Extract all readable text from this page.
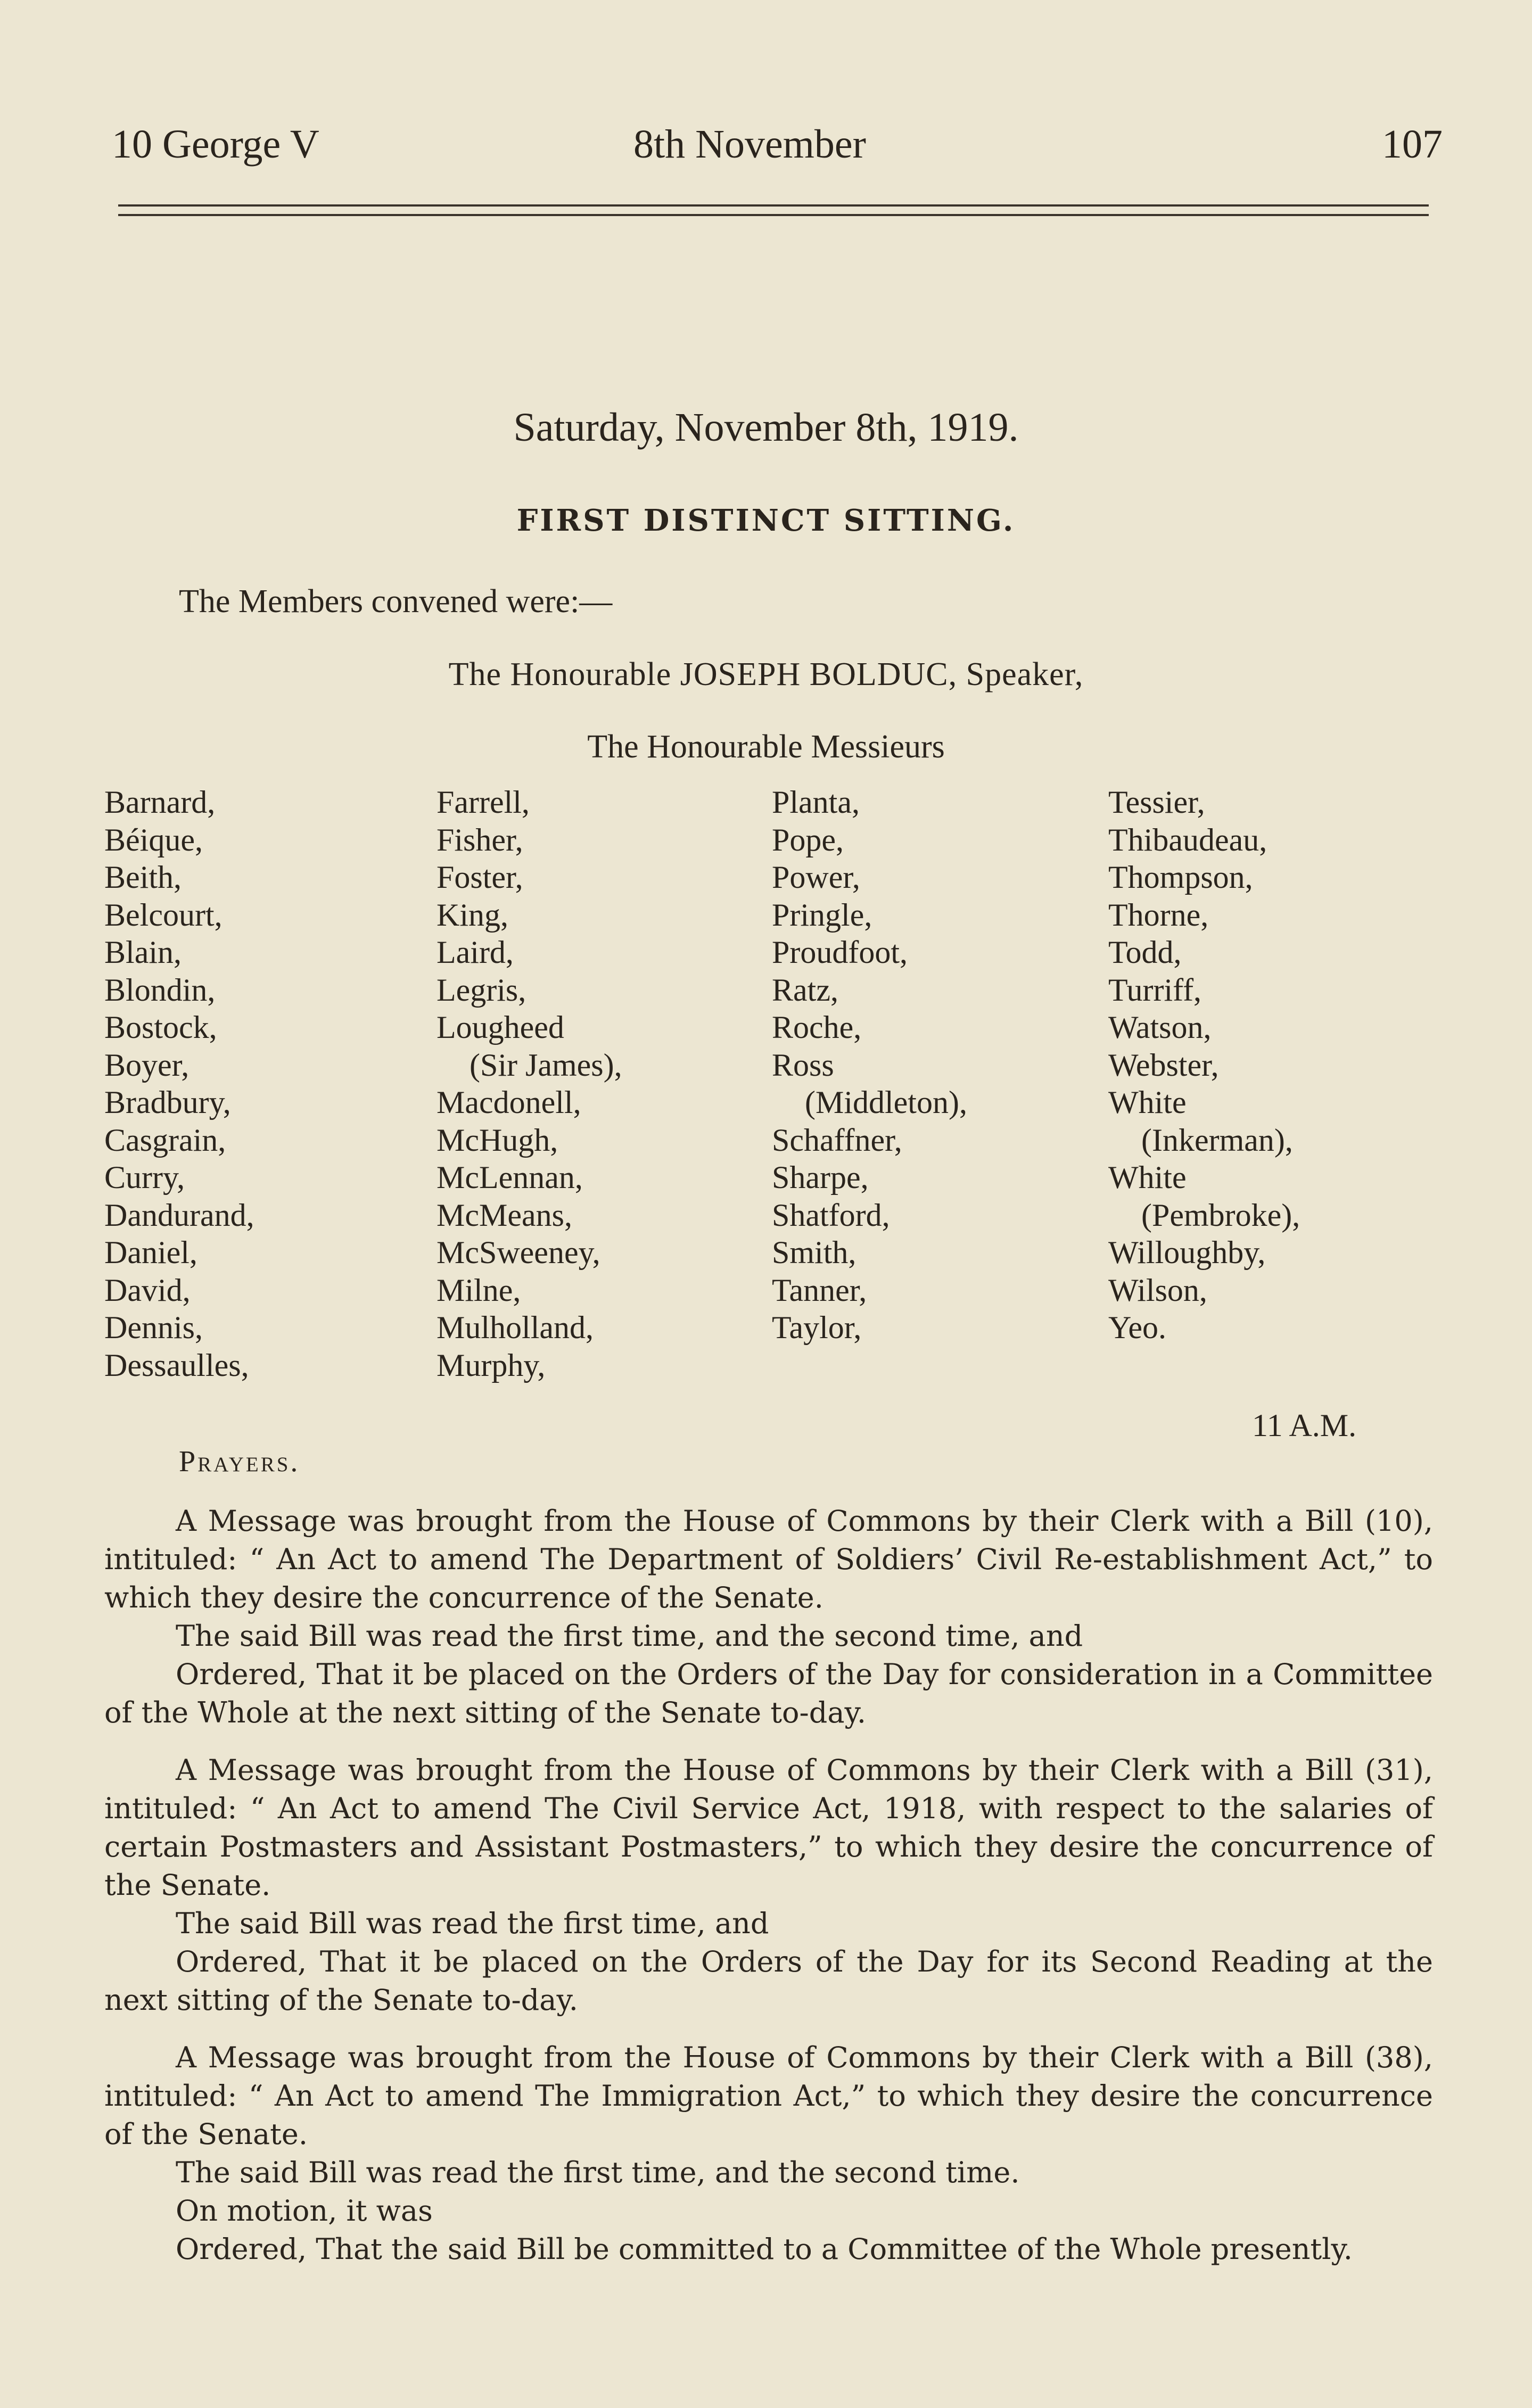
10 George V	8th November	107
Saturday, November 8th, 1919.
FIRST DISTINCT SITTING.
The Members convened were:—
The Honourable JOSEPH BOLDUC, Speaker,
The Honourable Messieurs
Barnard,
Béique,
Beith,
Belcourt,
Blain,
Blondin,
Bostock,
Boyer,
Bradbury,
Casgrain,
Curry,
Dandurand,
Daniel,
David,
Dennis,
Dessaulles,
Farrell,
Fisher,
Foster,
King,
Laird,
Legris,
Lougheed
(Sir James),
Macdonell,
McHugh,
McLennan,
McMeans,
McSweeney,
Milne,
Mulholland,
Murphy,
Planta,
Pope,
Power,
Pringle,
Proudfoot,
Ratz,
Roche,
Ross
(Middleton),
Schaffner,
Sharpe,
Shatford,
Smith,
Tanner,
Taylor,
Tessier,
Thibaudeau,
Thompson,
Thorne,
Todd,
Turriff,
Watson,
Webster,
White
(Inkerman),
White
(Pembroke),
Willoughby,
Wilson,
Yeo.
11 A.M.
Prayers.

A Message was brought from the House of Commons by their Clerk with a Bill (10), intituled: “ An Act to amend The Department of Soldiers’ Civil Re-establishment Act,” to which they desire the concurrence of the Senate.

The said Bill was read the first time, and the second time, and

Ordered, That it be placed on the Orders of the Day for consideration in a Committee of the Whole at the next sitting of the Senate to-day.

A Message was brought from the House of Commons by their Clerk with a Bill (31), intituled: “ An Act to amend The Civil Service Act, 1918, with respect to the salaries of certain Postmasters and Assistant Postmasters,” to which they desire the concurrence of the Senate.

The said Bill was read the first time, and

Ordered, That it be placed on the Orders of the Day for its Second Reading at the next sitting of the Senate to-day.

A Message was brought from the House of Commons by their Clerk with a Bill (38), intituled: “ An Act to amend The Immigration Act,” to which they desire the concurrence of the Senate.

The said Bill was read the first time, and the second time.

On motion, it was

Ordered, That the said Bill be committed to a Committee of the Whole presently.
